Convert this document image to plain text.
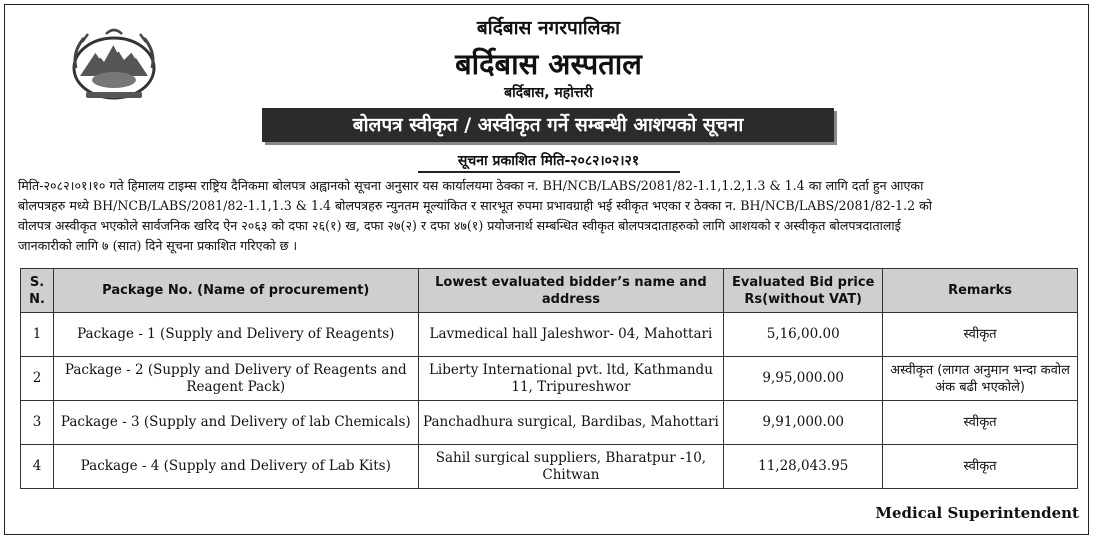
बर्दिबास नगरपालिका
बर्दिबास अस्पताल
बर्दिबास, महोत्तरी
बोलपत्र स्वीकृत / अस्वीकृत गर्ने सम्बन्धी आशयको सूचना
सूचना प्रकाशित मिति-२०८२।०२।२१

मिति-२०८२।०१।१० गते हिमालय टाइम्स राष्ट्रिय दैनिकमा बोलपत्र अह्वानको सूचना अनुसार यस कार्यालयमा ठेक्का न. BH/NCB/LABS/2081/82-1.1,1.2,1.3 & 1.4 का लागि दर्ता हुन आएका

बोलपत्रहरु मध्ये BH/NCB/LABS/2081/82-1.1,1.3 & 1.4 बोलपत्रहरु न्युनतम मूल्यांकित र सारभूत रुपमा प्रभावग्राही भई स्वीकृत भएका र ठेक्का न. BH/NCB/LABS/2081/82-1.2 को

वोलपत्र अस्वीकृत भएकोले सार्वजनिक खरिद ऐन २०६३ को दफा २६(१) ख, दफा २७(२) र दफा ४७(१) प्रयोजनार्थ सम्बन्धित स्वीकृत बोलपत्रदाताहरुको लागि आशयको र अस्वीकृत बोलपत्रदातालाई

जानकारीको लागि ७ (सात) दिने सूचना प्रकाशित गरिएको छ ।

S. N.	Package No. (Name of procurement)	Lowest evaluated bidder’s name and address	Evaluated Bid price Rs(without VAT)	Remarks
1	Package - 1 (Supply and Delivery of Reagents)	Lavmedical hall Jaleshwor- 04, Mahottari	5,16,00.00	स्वीकृत
2	Package - 2 (Supply and Delivery of Reagents and Reagent Pack)	Liberty International pvt. ltd, Kathmandu 11, Tripureshwor	9,95,000.00	अस्वीकृत (लागत अनुमान भन्दा कवोल अंक बढी भएकोले)
3	Package - 3 (Supply and Delivery of lab Chemicals)	Panchadhura surgical, Bardibas, Mahottari	9,91,000.00	स्वीकृत
4	Package - 4 (Supply and Delivery of Lab Kits)	Sahil surgical suppliers, Bharatpur -10, Chitwan	11,28,043.95	स्वीकृत
Medical Superintendent
